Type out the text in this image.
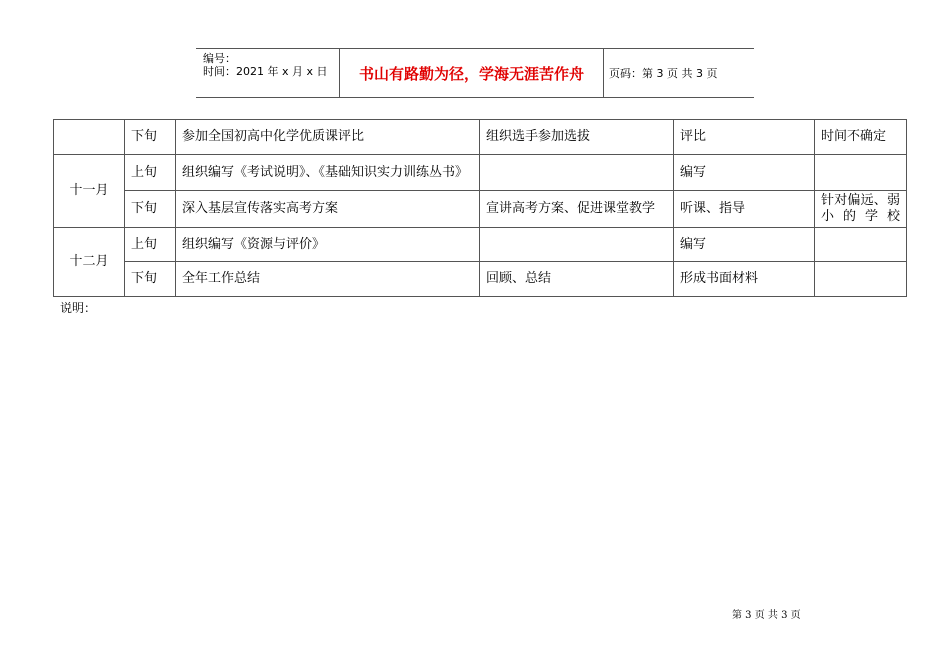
编号：
时间：2021 年 x 月 x 日 书山有路勤为径，学海无涯苦作舟 页码：第 3 页 共 3 页
	下旬	参加全国初高中化学优质课评比	组织选手参加选拔	评比	时间不确定
十一月	上旬	组织编写《考试说明》、《基础知识实力训练丛书》		编写	
	下旬	深入基层宣传落实高考方案	宣讲高考方案、促进课堂教学	听课、指导	针对偏远、弱小的学校
十二月	上旬	组织编写《资源与评价》		编写	
	下旬	全年工作总结	回顾、总结	形成书面材料	
说明：
第 3 页 共 3 页
